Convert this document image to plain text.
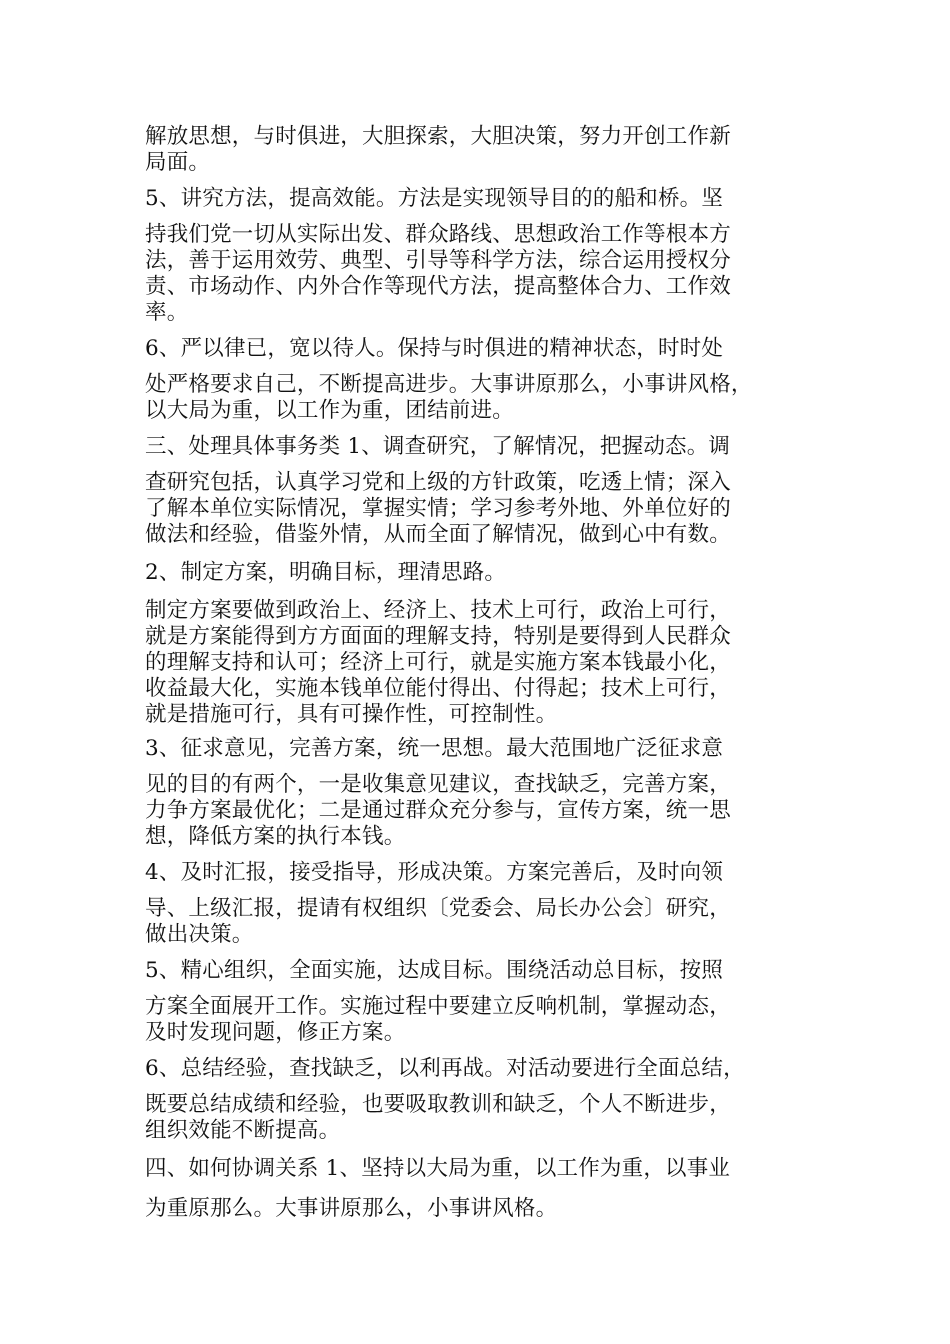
解放思想，与时俱进，大胆探索，大胆决策，努力开创工作新
局面。
5、讲究方法，提高效能。方法是实现领导目的的船和桥。坚
持我们党一切从实际出发、群众路线、思想政治工作等根本方
法，善于运用效劳、典型、引导等科学方法，综合运用授权分
责、市场动作、内外合作等现代方法，提高整体合力、工作效
率。
6、严以律已，宽以待人。保持与时俱进的精神状态，时时处
处严格要求自己，不断提高进步。大事讲原那么，小事讲风格，
以大局为重，以工作为重，团结前进。
三、处理具体事务类 1、调查研究，了解情况，把握动态。调
查研究包括，认真学习党和上级的方针政策，吃透上情；深入
了解本单位实际情况，掌握实情；学习参考外地、外单位好的
做法和经验，借鉴外情，从而全面了解情况，做到心中有数。
2、制定方案，明确目标，理清思路。
制定方案要做到政治上、经济上、技术上可行，政治上可行，
就是方案能得到方方面面的理解支持，特别是要得到人民群众
的理解支持和认可；经济上可行，就是实施方案本钱最小化，
收益最大化，实施本钱单位能付得出、付得起；技术上可行，
就是措施可行，具有可操作性，可控制性。
3、征求意见，完善方案，统一思想。最大范围地广泛征求意
见的目的有两个，一是收集意见建议，查找缺乏，完善方案，
力争方案最优化；二是通过群众充分参与，宣传方案，统一思
想，降低方案的执行本钱。
4、及时汇报，接受指导，形成决策。方案完善后，及时向领
导、上级汇报，提请有权组织〔党委会、局长办公会〕研究，
做出决策。
5、精心组织，全面实施，达成目标。围绕活动总目标，按照
方案全面展开工作。实施过程中要建立反响机制，掌握动态，
及时发现问题，修正方案。
6、总结经验，查找缺乏，以利再战。对活动要进行全面总结，
既要总结成绩和经验，也要吸取教训和缺乏，个人不断进步，
组织效能不断提高。
四、如何协调关系 1、坚持以大局为重，以工作为重，以事业
为重原那么。大事讲原那么，小事讲风格。
